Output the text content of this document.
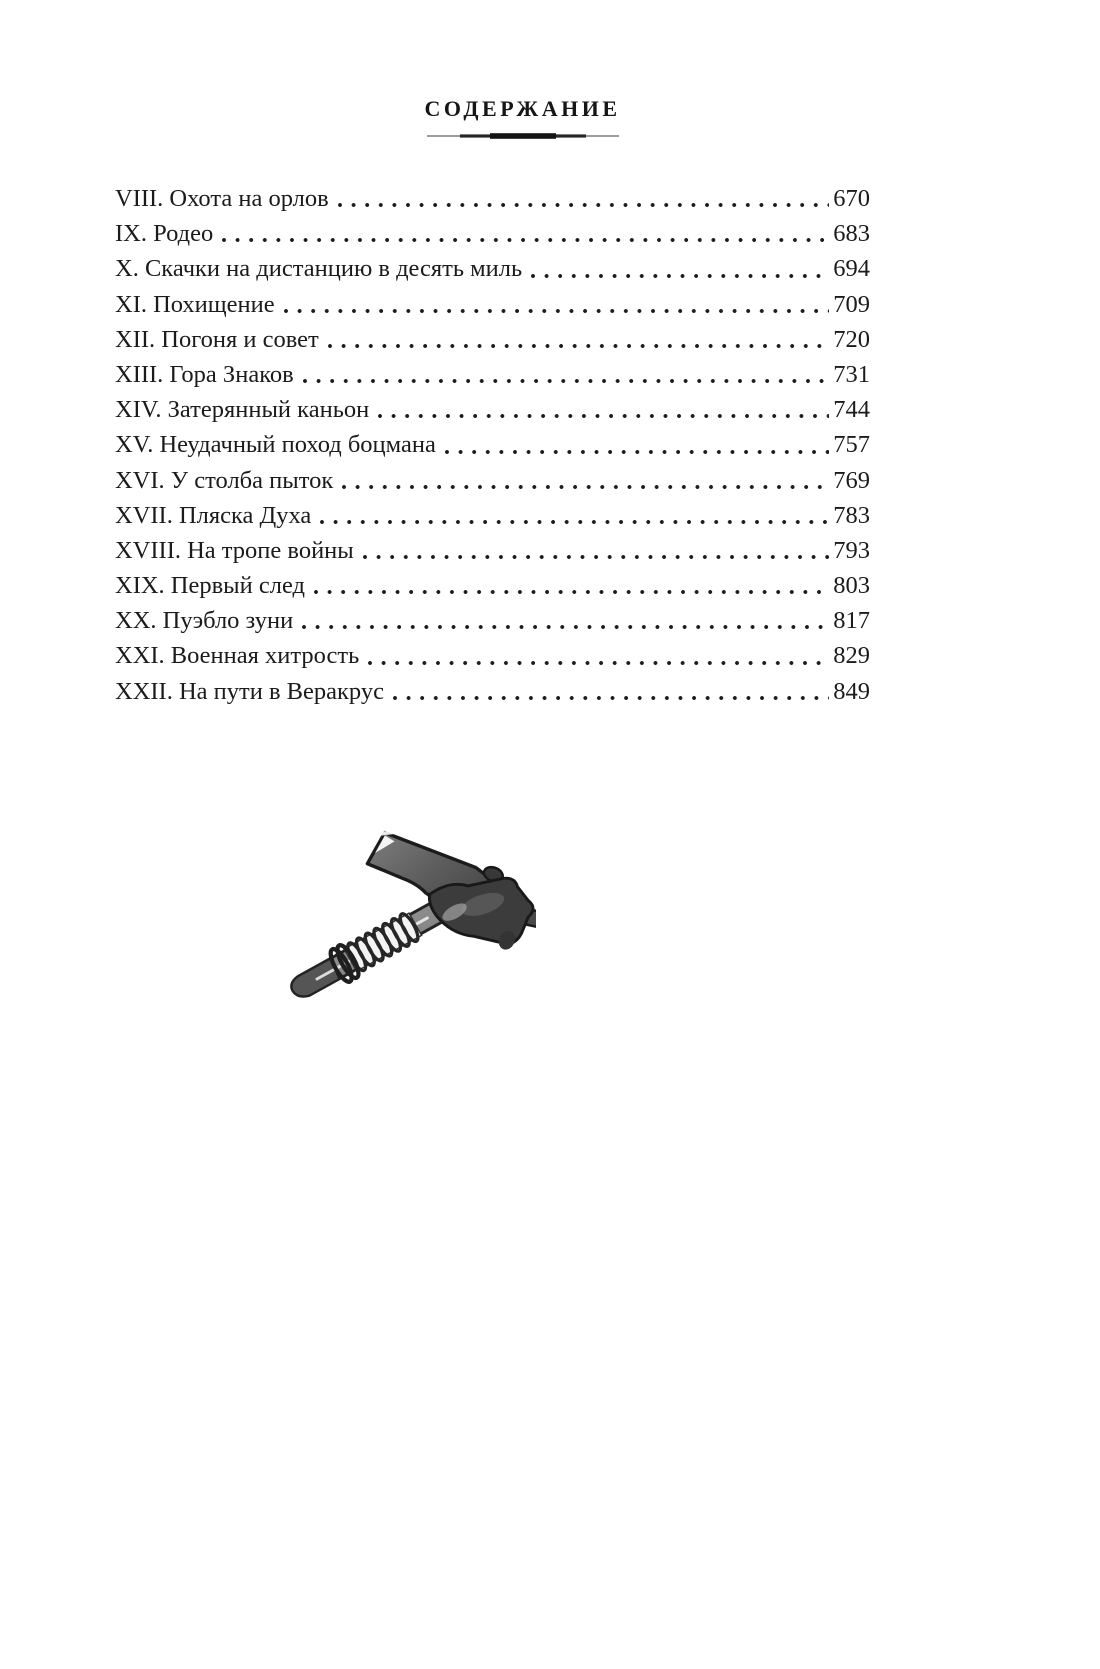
СОДЕРЖАНИЕ
VIII. Охота на орлов	670
IX. Родео	683
X. Скачки на дистанцию в десять миль	694
XI. Похищение	709
XII. Погоня и совет	720
XIII. Гора Знаков	731
XIV. Затерянный каньон	744
XV. Неудачный поход боцмана	757
XVI. У столба пыток	769
XVII. Пляска Духа	783
XVIII. На тропе войны	793
XIX. Первый след	803
XX. Пуэбло зуни	817
XXI. Военная хитрость	829
XXII. На пути в Веракрус	849
